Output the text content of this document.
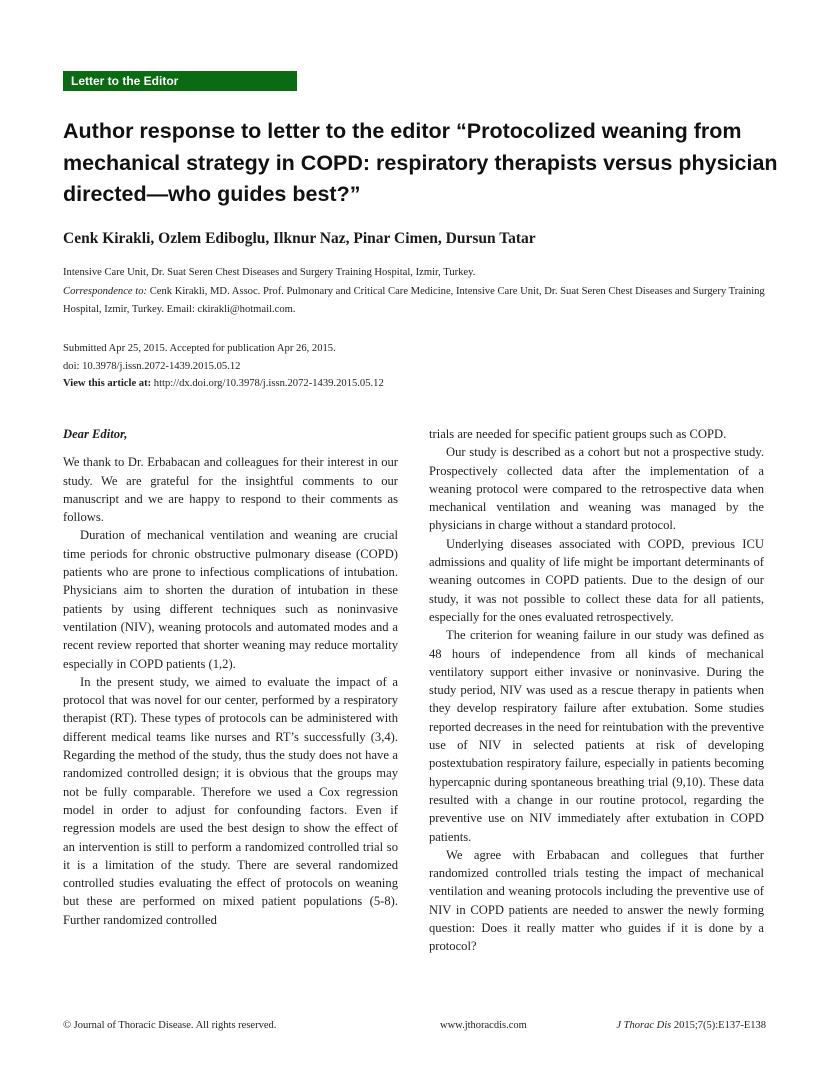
Letter to the Editor
Author response to letter to the editor “Protocolized weaning from mechanical strategy in COPD: respiratory therapists versus physician directed—who guides best?”
Cenk Kirakli, Ozlem Ediboglu, Ilknur Naz, Pinar Cimen, Dursun Tatar
Intensive Care Unit, Dr. Suat Seren Chest Diseases and Surgery Training Hospital, Izmir, Turkey.
Correspondence to: Cenk Kirakli, MD. Assoc. Prof. Pulmonary and Critical Care Medicine, Intensive Care Unit, Dr. Suat Seren Chest Diseases and Surgery Training Hospital, Izmir, Turkey. Email: ckirakli@hotmail.com.
Submitted Apr 25, 2015. Accepted for publication Apr 26, 2015.
doi: 10.3978/j.issn.2072-1439.2015.05.12
View this article at: http://dx.doi.org/10.3978/j.issn.2072-1439.2015.05.12

Dear Editor,

We thank to Dr. Erbabacan and colleagues for their interest in our study. We are grateful for the insightful comments to our manuscript and we are happy to respond to their comments as follows.

Duration of mechanical ventilation and weaning are crucial time periods for chronic obstructive pulmonary disease (COPD) patients who are prone to infectious complications of intubation. Physicians aim to shorten the duration of intubation in these patients by using different techniques such as noninvasive ventilation (NIV), weaning protocols and automated modes and a recent review reported that shorter weaning may reduce mortality especially in COPD patients (1,2).

In the present study, we aimed to evaluate the impact of a protocol that was novel for our center, performed by a respiratory therapist (RT). These types of protocols can be administered with different medical teams like nurses and RT’s successfully (3,4). Regarding the method of the study, thus the study does not have a randomized controlled design; it is obvious that the groups may not be fully comparable. Therefore we used a Cox regression model in order to adjust for confounding factors. Even if regression models are used the best design to show the effect of an intervention is still to perform a randomized controlled trial so it is a limitation of the study. There are several randomized controlled studies evaluating the effect of protocols on weaning but these are performed on mixed patient populations (5-8). Further randomized controlled

trials are needed for specific patient groups such as COPD.

Our study is described as a cohort but not a prospective study. Prospectively collected data after the implementation of a weaning protocol were compared to the retrospective data when mechanical ventilation and weaning was managed by the physicians in charge without a standard protocol.

Underlying diseases associated with COPD, previous ICU admissions and quality of life might be important determinants of weaning outcomes in COPD patients. Due to the design of our study, it was not possible to collect these data for all patients, especially for the ones evaluated retrospectively.

The criterion for weaning failure in our study was defined as 48 hours of independence from all kinds of mechanical ventilatory support either invasive or noninvasive. During the study period, NIV was used as a rescue therapy in patients when they develop respiratory failure after extubation. Some studies reported decreases in the need for reintubation with the preventive use of NIV in selected patients at risk of developing postextubation respiratory failure, especially in patients becoming hypercapnic during spontaneous breathing trial (9,10). These data resulted with a change in our routine protocol, regarding the preventive use on NIV immediately after extubation in COPD patients.

We agree with Erbabacan and collegues that further randomized controlled trials testing the impact of mechanical ventilation and weaning protocols including the preventive use of NIV in COPD patients are needed to answer the newly forming question: Does it really matter who guides if it is done by a protocol?

© Journal of Thoracic Disease. All rights reserved.	www.jthoracdis.com	J Thorac Dis 2015;7(5):E137-E138
